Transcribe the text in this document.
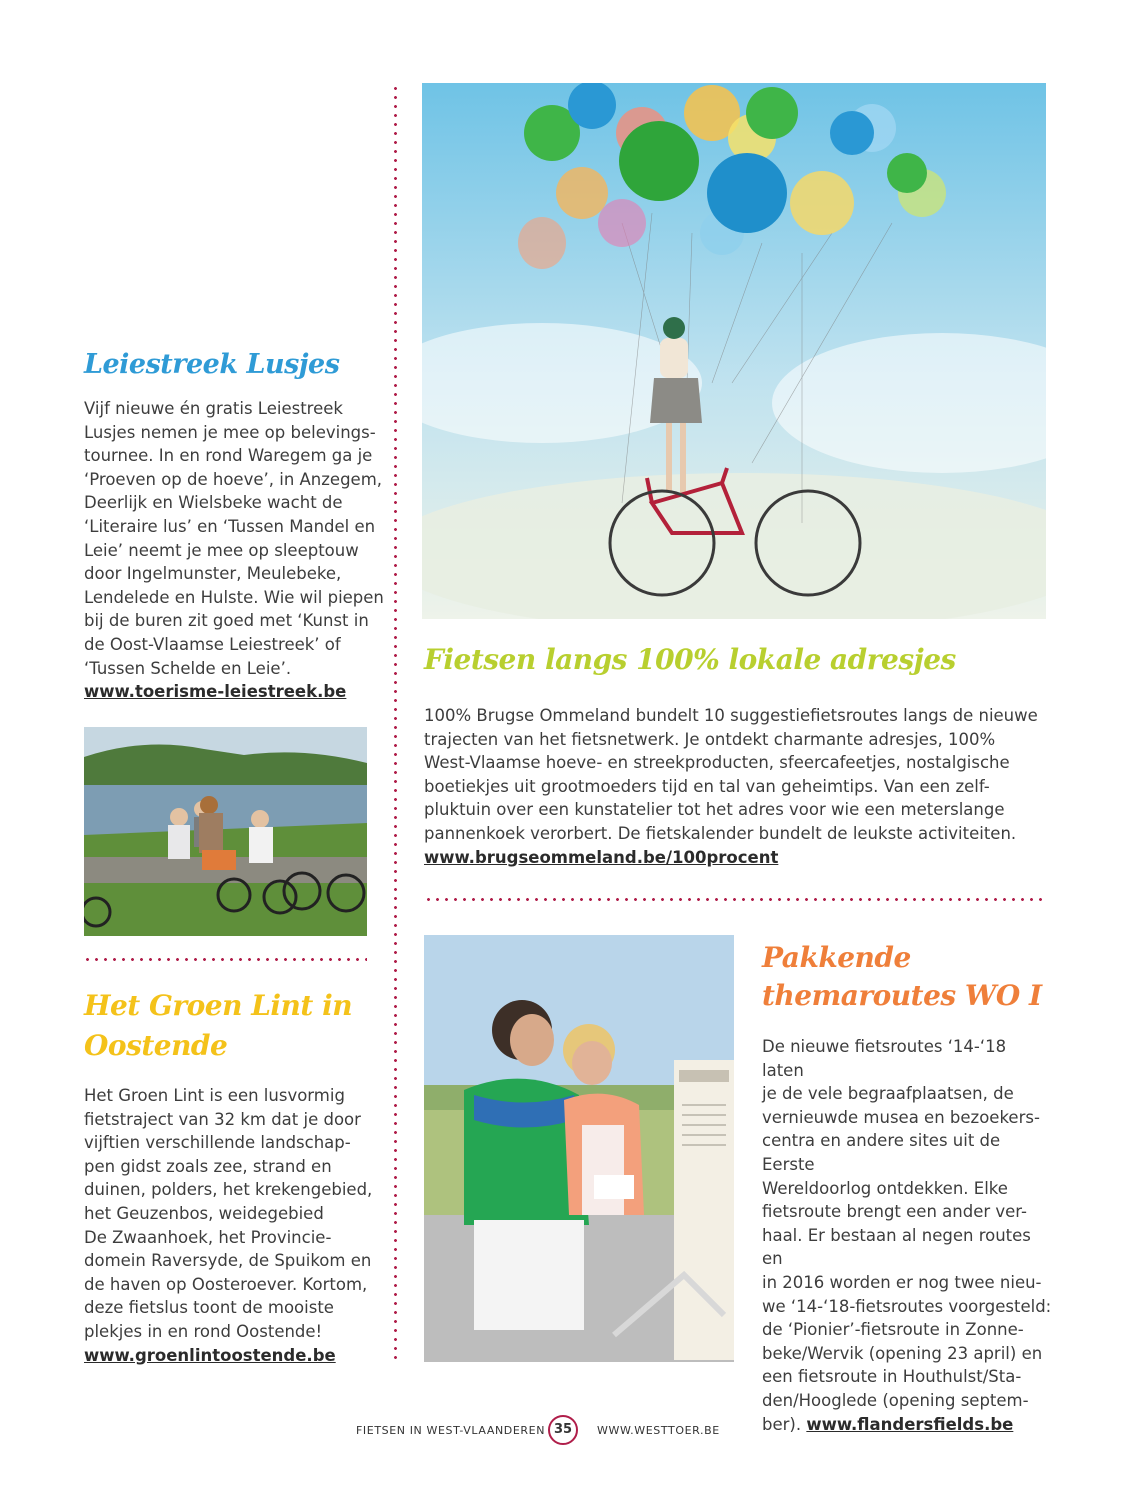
Leiestreek Lusjes
Vijf nieuwe én gratis Leiestreek
Lusjes nemen je mee op belevings-
tournee. In en rond Waregem ga je
‘Proeven op de hoeve’, in Anzegem,
Deerlijk en Wielsbeke wacht de
‘Literaire lus’ en ‘Tussen Mandel en
Leie’ neemt je mee op sleeptouw
door Ingelmunster, Meulebeke,
Lendelede en Hulste. Wie wil piepen
bij de buren zit goed met ‘Kunst in
de Oost-Vlaamse Leiestreek’ of
‘Tussen Schelde en Leie’.
www.toerisme-leiestreek.be
Fietsen langs 100% lokale adresjes
100% Brugse Ommeland bundelt 10 suggestiefietsroutes langs de nieuwe
trajecten van het fietsnetwerk. Je ontdekt charmante adresjes, 100%
West-Vlaamse hoeve- en streekproducten, sfeercafeetjes, nostalgische
boetiekjes uit grootmoeders tijd en tal van geheimtips. Van een zelf-
pluktuin over een kunstatelier tot het adres voor wie een meterslange
pannenkoek verorbert. De fietskalender bundelt de leukste activiteiten.
www.brugseommeland.be/100procent
Het Groen Lint in
Oostende
Het Groen Lint is een lusvormig
fietstraject van 32 km dat je door
vijftien verschillende landschap-
pen gidst zoals zee, strand en
duinen, polders, het krekengebied,
het Geuzenbos, weidegebied
De Zwaanhoek, het Provincie-
domein Raversyde, de Spuikom en
de haven op Oosteroever. Kortom,
deze fietslus toont de mooiste
plekjes in en rond Oostende!
www.groenlintoostende.be
Pakkende
themaroutes WO I
De nieuwe fietsroutes ‘14-‘18 laten
je de vele begraafplaatsen, de
vernieuwde musea en bezoekers-
centra en andere sites uit de Eerste
Wereldoorlog ontdekken. Elke
fietsroute brengt een ander ver-
haal. Er bestaan al negen routes en
in 2016 worden er nog twee nieu-
we ‘14-‘18-fietsroutes voorgesteld:
de ‘Pionier’-fietsroute in Zonne-
beke/Wervik (opening 23 april) en
een fietsroute in Houthulst/Sta-
den/Hooglede (opening septem-
ber). www.flandersfields.be
FIETSEN IN WEST-VLAANDEREN 35	WWW.WESTTOER.BE
